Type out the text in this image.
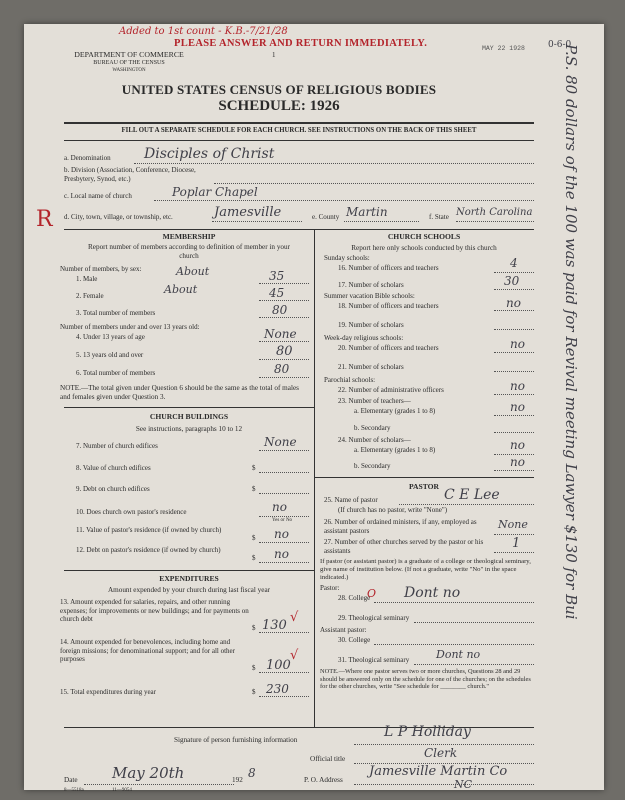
Added to 1st count - K.B.-7/21/28
PLEASE ANSWER AND RETURN IMMEDIATELY.
1
DEPARTMENT OF COMMERCE
BUREAU OF THE CENSUS
WASHINGTON
MAY 22 1928	0-6-0
UNITED STATES CENSUS OF RELIGIOUS BODIES
SCHEDULE: 1926
FILL OUT A SEPARATE SCHEDULE FOR EACH CHURCH. SEE INSTRUCTIONS ON THE BACK OF THIS SHEET
a. Denomination Disciples of Christ
b. Division (Association, Conference, Diocese, Presbytery, Synod, etc.)
c. Local name of church	Poplar Chapel
R d. City, town, village, or township, etc.	Jamesville	e. County Martin	f. State North Carolina
MEMBERSHIP
Report number of members according to definition of member in your church
Number of members, by sex:
1. Male
About	35
2. Female	About	45
3. Total number of members	80
Number of members under and over 13 years old:
4. Under 13 years of age	None
5. 13 years old and over	80
6. Total number of members	80
NOTE.—The total given under Question 6 should be the same as the total of males and females given under Question 3.
CHURCH BUILDINGS
See instructions, paragraphs 10 to 12
7. Number of church edifices	None
8. Value of church edifices	$
9. Debt on church edifices	$
10. Does church own pastor's residence	no
Yes or No
11. Value of pastor's residence (if owned by church)
$ no
12. Debt on pastor's residence (if owned by church)
$ no
EXPENDITURES
Amount expended by your church during last fiscal year
13. Amount expended for salaries, repairs, and other running expenses; for improvements or new buildings; and for payments on church debt
$ 130
√
14. Amount expended for benevolences, including home and foreign missions; for denominational support; and for all other purposes
$ 100
√
15. Total expenditures during year	$ 230
CHURCH SCHOOLS
Report here only schools conducted by this church
Sunday schools:
16. Number of officers and teachers	4
17. Number of scholars	30
Summer vacation Bible schools:
18. Number of officers and teachers	no
19. Number of scholars
Week-day religious schools:
20. Number of officers and teachers	no
21. Number of scholars
Parochial schools:
22. Number of administrative officers	no
23. Number of teachers—
a. Elementary (grades 1 to 8)	no
b. Secondary
24. Number of scholars—
a. Elementary (grades 1 to 8)	no
b. Secondary	no
PASTOR
25. Name of pastor	C E Lee
(If church has no pastor, write "None")
26. Number of ordained ministers, if any, employed as assistant pastors	None
27. Number of other churches served by the pastor or his assistants	1
If pastor (or assistant pastor) is a graduate of a college or theological seminary, give name of institution below. (If not a graduate, write "No" in the space indicated.)
Pastor:
28. College
O Dont no
29. Theological seminary
Assistant pastor:
30. College
31. Theological seminary Dont no
NOTE.—Where one pastor serves two or more churches, Questions 28 and 29 should be answered only on the schedule for one of the churches; on the schedules for the other churches, write "See schedule for ________ church."
Signature of person furnishing information	L P Holliday
Official title	Clerk
Date May 20th	192 8	P. O. Address
Jamesville Martin Co
NC
8—5518a	11—9054
P.S. 80 dollars of the 100 was paid for Revival meeting Lawyer $130 for Bui
